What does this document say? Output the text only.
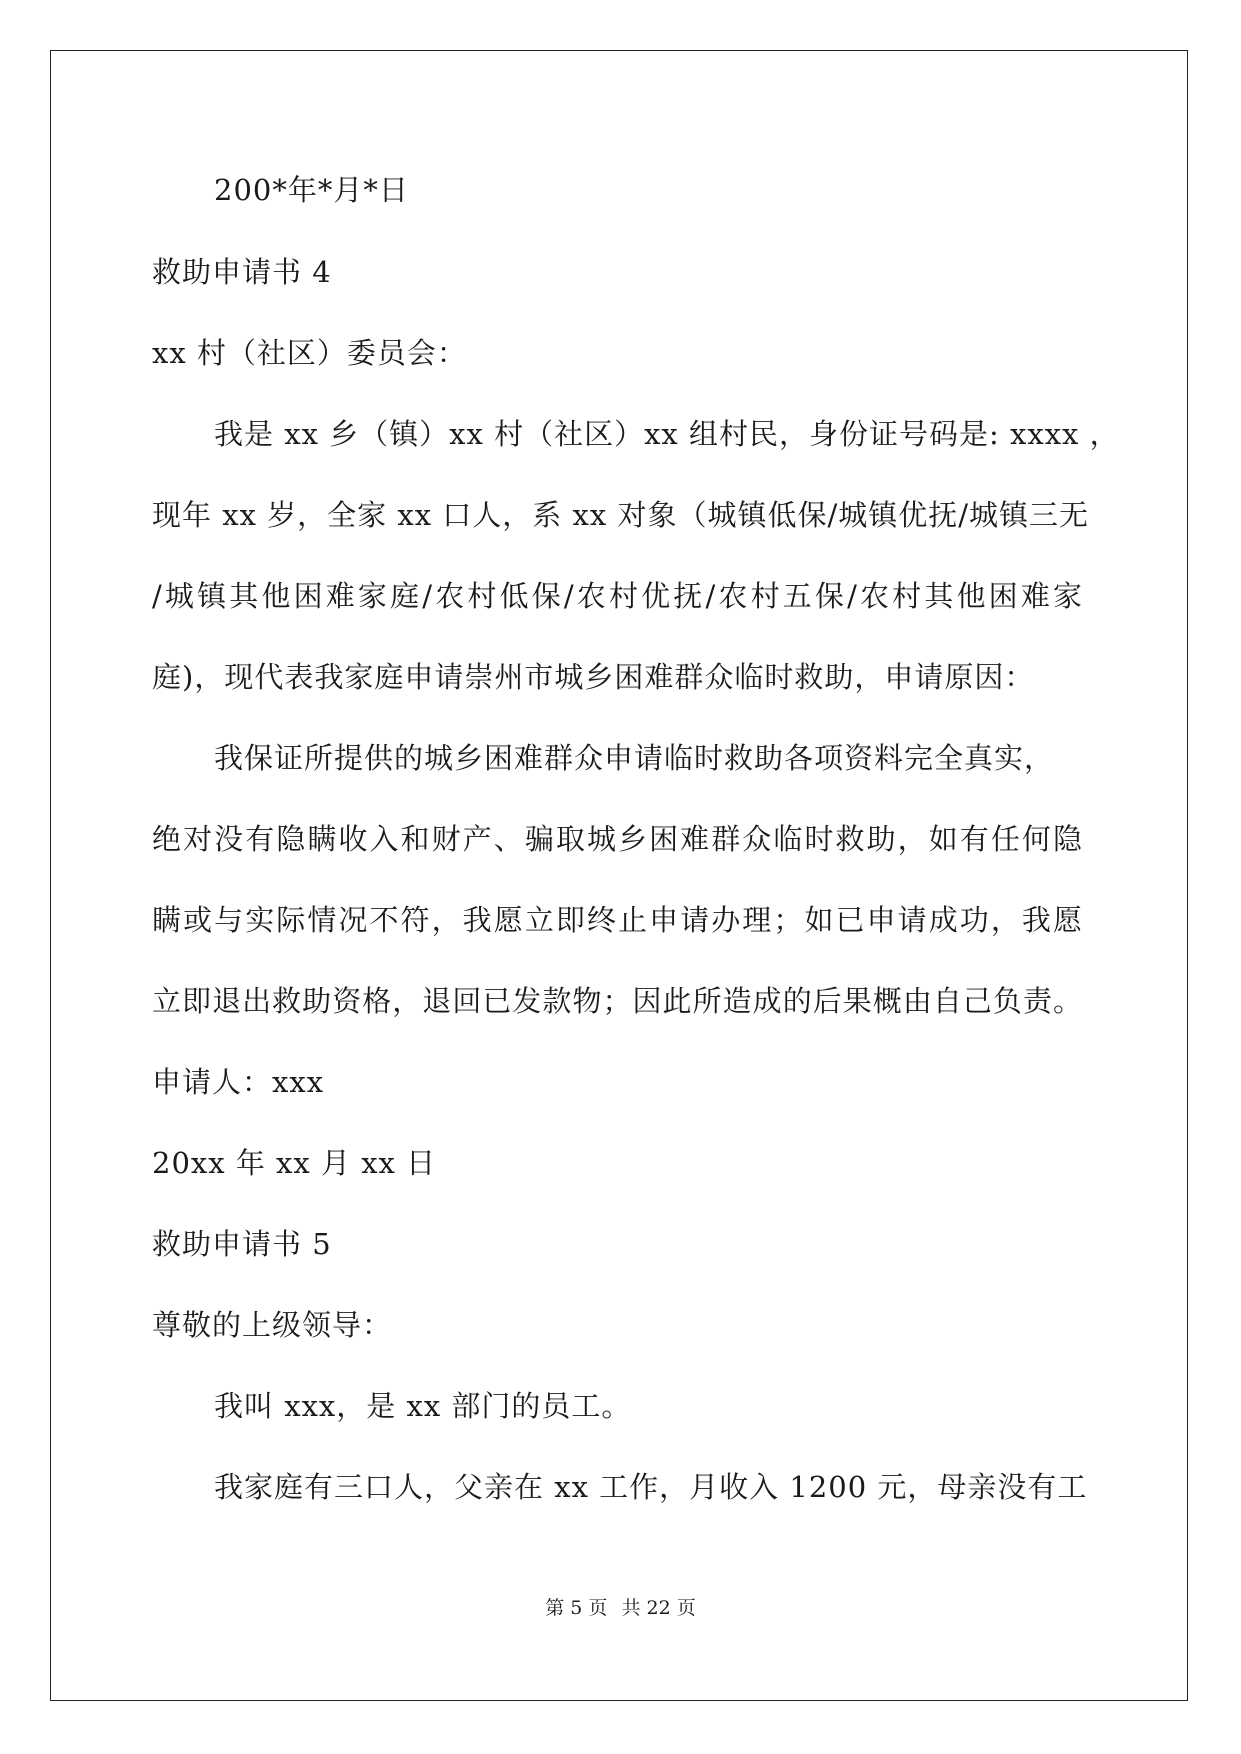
200*年*月*日
救助申请书 4
xx 村（社区）委员会：
我是 xx 乡（镇）xx 村（社区）xx 组村民，身份证号码是: xxxx ，
现年 xx 岁，全家 xx 口人，系 xx 对象（城镇低保/城镇优抚/城镇三无
/城镇其他困难家庭/农村低保/农村优抚/农村五保/农村其他困难家
庭)，现代表我家庭申请崇州市城乡困难群众临时救助，申请原因：
我保证所提供的城乡困难群众申请临时救助各项资料完全真实，
绝对没有隐瞒收入和财产、骗取城乡困难群众临时救助，如有任何隐
瞒或与实际情况不符，我愿立即终止申请办理；如已申请成功，我愿
立即退出救助资格，退回已发款物；因此所造成的后果概由自己负责。
申请人：xxx
20xx 年 xx 月 xx 日
救助申请书 5
尊敬的上级领导：
我叫 xxx，是 xx 部门的员工。
我家庭有三口人，父亲在 xx 工作，月收入 1200 元，母亲没有工
第 5 页 共 22 页
